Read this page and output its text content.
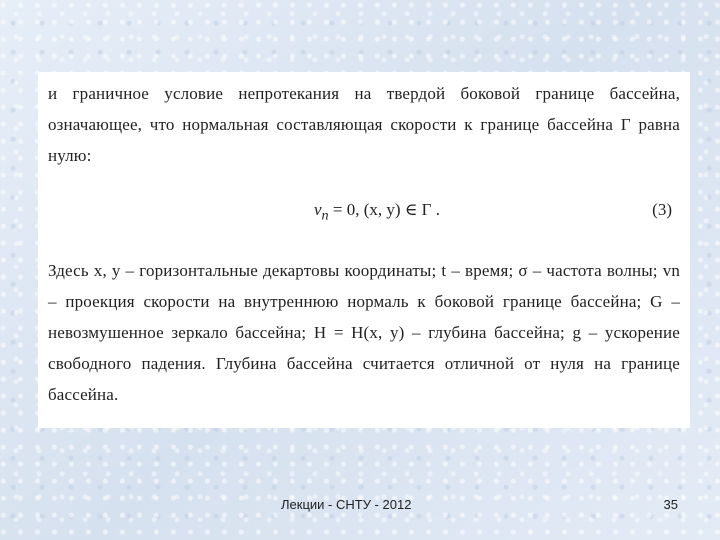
и граничное условие непротекания на твердой боковой границе бассейна, означающее, что нормальная составляющая скорости к границе бассейна Γ равна нулю:

$v_n = 0$, (x, y) ∈ Γ .	(3)

Здесь x, y – горизонтальные декартовы координаты; t – время; σ – частота волны; vn – проекция скорости на внутреннюю нормаль к боковой границе бассейна; G – невозмушенное зеркало бассейна; H = H(x, y) – глубина бассейна; g – ускорение свободного падения. Глубина бассейна считается отличной от нуля на границе бассейна.

Лекции - СНТУ - 2012	35
